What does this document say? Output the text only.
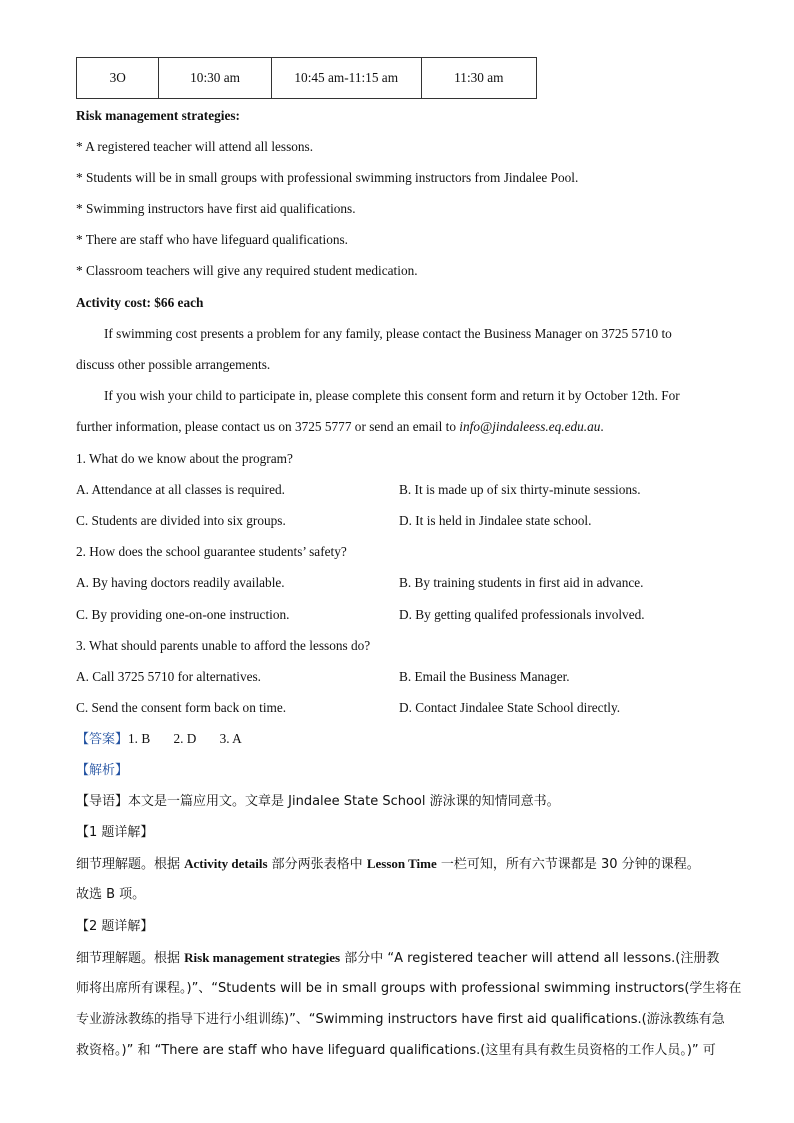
3O	10:30 am	10:45 am-11:15 am	11:30 am
Risk management strategies:
* A registered teacher will attend all lessons.
* Students will be in small groups with professional swimming instructors from Jindalee Pool.
* Swimming instructors have first aid qualifications.
* There are staff who have lifeguard qualifications.
* Classroom teachers will give any required student medication.
Activity cost: $66 each
If swimming cost presents a problem for any family, please contact the Business Manager on 3725 5710 to
discuss other possible arrangements.
If you wish your child to participate in, please complete this consent form and return it by October 12th. For
further information, please contact us on 3725 5777 or send an email to info@jindaleess.eq.edu.au.
1. What do we know about the program?
A. Attendance at all classes is required.	B. It is made up of six thirty-minute sessions.
C. Students are divided into six groups.	D. It is held in Jindalee state school.
2. How does the school guarantee students’ safety?
A. By having doctors readily available.	B. By training students in first aid in advance.
C. By providing one-on-one instruction.	D. By getting qualifed professionals involved.
3. What should parents unable to afford the lessons do?
A. Call 3725 5710 for alternatives.	B. Email the Business Manager.
C. Send the consent form back on time.	D. Contact Jindalee State School directly.
【答案】1. B       2. D       3. A
【解析】
【导语】本文是一篇应用文。文章是 Jindalee State School 游泳课的知情同意书。
【1 题详解】
细节理解题。根据 Activity details 部分两张表格中 Lesson Time 一栏可知，所有六节课都是 30 分钟的课程。
故选 B 项。
【2 题详解】
细节理解题。根据 Risk management strategies 部分中 “A registered teacher will attend all lessons.(注册教
师将出席所有课程。)”、“Students will be in small groups with professional swimming instructors(学生将在
专业游泳教练的指导下进行小组训练)”、“Swimming instructors have first aid qualifications.(游泳教练有急
救资格。)” 和 “There are staff who have lifeguard qualifications.(这里有具有救生员资格的工作人员。)” 可
